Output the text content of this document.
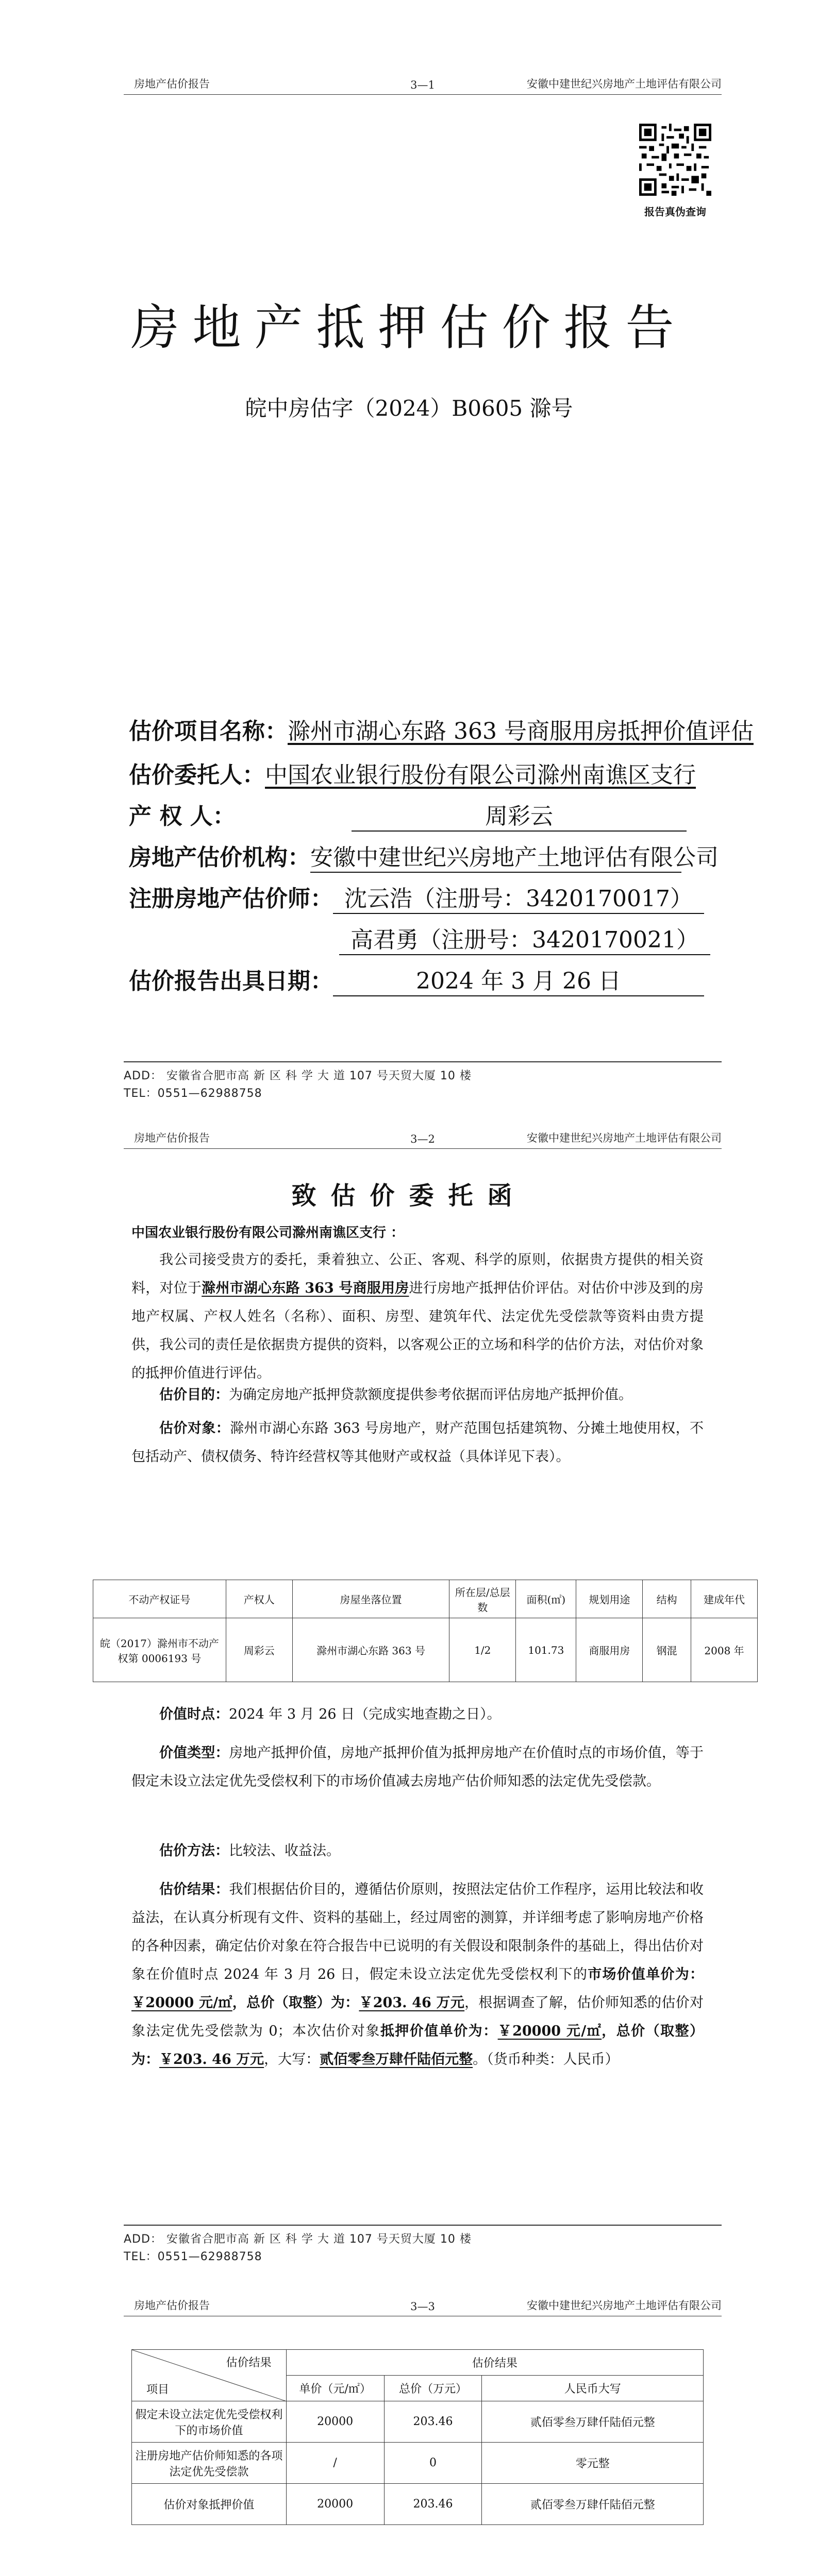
房地产估价报告	3—1	安徽中建世纪兴房地产土地评估有限公司
报告真伪查询
房地产抵押估价报告
皖中房估字（2024）B0605 滁号
估价项目名称：滁州市湖心东路 363 号商服用房抵押价值评估
估价委托人：中国农业银行股份有限公司滁州南谯区支行
产 权 人：	周彩云
房地产估价机构：安徽中建世纪兴房地产土地评估有限公司
注册房地产估价师： 沈云浩（注册号：3420170017）
高君勇（注册号：3420170021）
估价报告出具日期：	2024 年 3 月 26 日
ADD： 安徽省合肥市高 新 区 科 学 大 道 107 号天贸大厦 10 楼
TEL：0551—62988758
房地产估价报告	3—2	安徽中建世纪兴房地产土地评估有限公司
致估价委托函
中国农业银行股份有限公司滁州南谯区支行 ：

我公司接受贵方的委托，秉着独立、公正、客观、科学的原则，依据贵方提供的相关资料，对位于滁州市湖心东路 363 号商服用房进行房地产抵押估价评估。对估价中涉及到的房地产权属、产权人姓名（名称）、面积、房型、建筑年代、法定优先受偿款等资料由贵方提供，我公司的责任是依据贵方提供的资料，以客观公正的立场和科学的估价方法，对估价对象的抵押价值进行评估。

估价目的：为确定房地产抵押贷款额度提供参考依据而评估房地产抵押价值。

估价对象：滁州市湖心东路 363 号房地产，财产范围包括建筑物、分摊土地使用权，不包括动产、债权债务、特许经营权等其他财产或权益（具体详见下表）。

不动产权证号	产权人	房屋坐落位置	所在层/总层数	面积(㎡)	规划用途	结构	建成年代
皖（2017）滁州市不动产权第 0006193 号	周彩云	滁州市湖心东路 363 号	1/2	101.73	商服用房	钢混	2008 年

价值时点：2024 年 3 月 26 日（完成实地查勘之日）。

价值类型：房地产抵押价值，房地产抵押价值为抵押房地产在价值时点的市场价值，等于假定未设立法定优先受偿权利下的市场价值减去房地产估价师知悉的法定优先受偿款。

估价方法：比较法、收益法。

估价结果：我们根据估价目的，遵循估价原则，按照法定估价工作程序，运用比较法和收益法，在认真分析现有文件、资料的基础上，经过周密的测算，并详细考虑了影响房地产价格的各种因素，确定估价对象在符合报告中已说明的有关假设和限制条件的基础上，得出估价对象在价值时点 2024 年 3 月 26 日，假定未设立法定优先受偿权利下的市场价值单价为：￥20000 元/㎡，总价（取整）为：￥203. 46 万元，根据调查了解，估价师知悉的估价对象法定优先受偿款为 0；本次估价对象抵押价值单价为：￥20000 元/㎡，总价（取整）为：￥203. 46 万元，大写：贰佰零叁万肆仟陆佰元整。（货币种类：人民币）

ADD： 安徽省合肥市高 新 区 科 学 大 道 107 号天贸大厦 10 楼
TEL：0551—62988758
房地产估价报告	3—3	安徽中建世纪兴房地产土地评估有限公司
估价结果
项目	估价结果		
	单价（元/㎡）	总价（万元）	人民币大写
假定未设立法定优先受偿权利下的市场价值	20000	203.46	贰佰零叁万肆仟陆佰元整
注册房地产估价师知悉的各项法定优先受偿款	/	0	零元整
估价对象抵押价值	20000	203.46	贰佰零叁万肆仟陆佰元整
